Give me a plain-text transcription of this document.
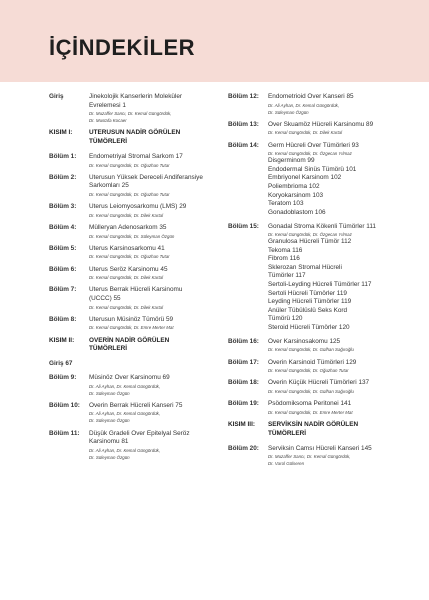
İÇİNDEKİLER
Giriş	Jinekolojik Kanserlerin Moleküler
Evrelemesi 1
Dr. Muzaffer Sancı, Dr. Kemal Güngördük,
Dr. Mustafa Kocaer
KISIM I:	UTERUSUN NADİR GÖRÜLEN
TÜMÖRLERİ
Bölüm 1:	Endometriyal Stromal Sarkom 17
Dr. Kemal Güngördük, Dr. Oğuzhan Tutar
Bölüm 2:	Uterusun Yüksek Dereceli Andiferansiye
Sarkomları 25
Dr. Kemal Güngördük, Dr. Oğuzhan Tutar
Bölüm 3:	Uterus Leiomyosarkomu (LMS) 29
Dr. Kemal Güngördük, Dr. Dilek Kartal
Bölüm 4:	Mülleryan Adenosarkom 35
Dr. Kemal Güngördük, Dr. Süleyman Özgün
Bölüm 5:	Uterus Karsinosarkomu 41
Dr. Kemal Güngördük, Dr. Oğuzhan Tutar
Bölüm 6:	Uterus Seröz Karsinomu 45
Dr. Kemal Güngördük, Dr. Dilek Kartal
Bölüm 7:	Uterus Berrak Hücreli Karsinomu
(UCCC) 55
Dr. Kemal Güngördük, Dr. Dilek Kartal
Bölüm 8:	Uterusun Müsinöz Tümörü 59
Dr. Kemal Güngördük, Dr. Emre Merter Mat
KISIM II:	OVERİN NADİR GÖRÜLEN
TÜMÖRLERİ
Giriş 67
Bölüm 9:	Müsinöz Over Karsinomu 69
Dr. Ali Ayhan, Dr. Kemal Güngördük,
Dr. Süleyman Özgün
Bölüm 10:	Overin Berrak Hücreli Kanseri 75
Dr. Ali Ayhan, Dr. Kemal Güngördük,
Dr. Süleyman Özgün
Bölüm 11:	Düşük Gradeli Over Epitelyal Seröz
Karsinomu 81
Dr. Ali Ayhan, Dr. Kemal Güngördük,
Dr. Süleyman Özgün
Bölüm 12:	Endometrioid Over Kanseri 85
Dr. Ali Ayhan, Dr. Kemal Güngördük,
Dr. Süleyman Özgün
Bölüm 13:	Over Skuamöz Hücreli Karsinomu 89
Dr. Kemal Güngördük, Dr. Dilek Kartal
Bölüm 14:	Germ Hücreli Over Tümörleri 93
Dr. Kemal Güngördük, Dr. Özgecan Yılmaz
Disgerminom 99
Endodermal Sinüs Tümörü 101
Embriyonel Karsinom 102
Poliembrioma 102
Koryokarsinom 103
Teratom 103
Gonadoblastom 106
Bölüm 15:	Gonadal Stroma Kökenli Tümörler 111
Dr. Kemal Güngördük, Dr. Özgecan Yılmaz
Granulosa Hücreli Tümör 112
Tekoma 116
Fibrom 116
Sklerozan Stromal Hücreli
Tümörler 117
Sertoli-Leyding Hücreli Tümörler 117
Sertoli Hücreli Tümörler 119
Leyding Hücreli Tümörler 119
Anüler Tübülüslü Seks Kord
Tümörü 120
Steroid Hücreli Tümörler 120
Bölüm 16:	Over Karsinosakomu 125
Dr. Kemal Güngördük, Dr. Gülhan Sağıroğlu
Bölüm 17:	Overin Karsinoid Tümörleri 129
Dr. Kemal Güngördük, Dr. Oğuzhan Tutar
Bölüm 18:	Overin Küçük Hücreli Tümörleri 137
Dr. Kemal Güngördük, Dr. Gülhan Sağıroğlu
Bölüm 19:	Psödomiksoma Peritonei 141
Dr. Kemal Güngördük, Dr. Emre Merter Mat
KISIM III:	SERVİKSİN NADİR GÖRÜLEN
TÜMÖRLERİ
Bölüm 20:	Serviksin Camsı Hücreli Kanseri 145
Dr. Muzaffer Sancı, Dr. Kemal Güngördük,
Dr. Varol Gülseren
